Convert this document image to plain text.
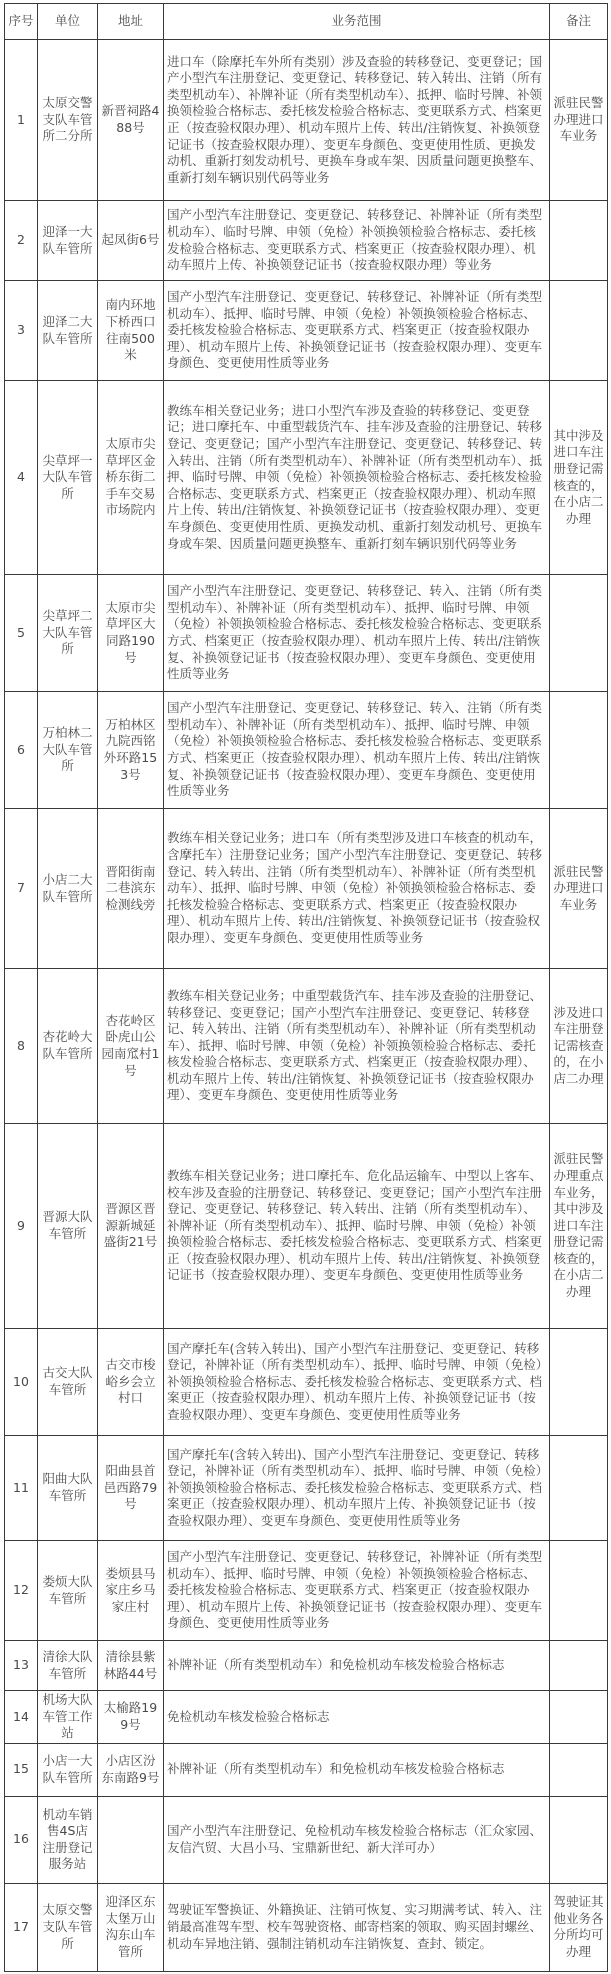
序号	单位	地址	业务范围	备注
1	太原交警支队车管所二分所	新晋祠路488号	进口车（除摩托车外所有类别）涉及查验的转移登记、变更登记；国产小型汽车注册登记、变更登记、转移登记、转入转出、注销（所有类型机动车）、补牌补证（所有类型机动车）、抵押、临时号牌、补领换领检验合格标志、委托核发检验合格标志、变更联系方式、档案更正（按查验权限办理）、机动车照片上传、转出/注销恢复、补换领登记证书（按查验权限办理）、变更车身颜色、变更使用性质、更换发动机、重新打刻发动机号、更换车身或车架、因质量问题更换整车、重新打刻车辆识别代码等业务	派驻民警办理进口车业务
2	迎泽一大队车管所	起凤街6号	国产小型汽车注册登记、变更登记、转移登记、补牌补证（所有类型机动车）、临时号牌、申领（免检）补领换领检验合格标志、委托核发检验合格标志、变更联系方式、档案更正（按查验权限办理）、机动车照片上传、补换领登记证书（按查验权限办理）等业务	
3	迎泽二大队车管所	南内环地下桥西口往南500米	国产小型汽车注册登记、变更登记、转移登记、补牌补证（所有类型机动车）、抵押、临时号牌、申领（免检）补领换领检验合格标志、委托核发检验合格标志、变更联系方式、档案更正（按查验权限办理）、机动车照片上传、补换领登记证书（按查验权限办理）、变更车身颜色、变更使用性质等业务	
4	尖草坪一大队车管所	太原市尖草坪区金桥东街二手车交易市场院内	教练车相关登记业务；进口小型汽车涉及查验的转移登记、变更登记；进口摩托车、中重型载货汽车、挂车涉及查验的注册登记、转移登记、变更登记；国产小型汽车注册登记、变更登记、转移登记、转入转出、注销（所有类型机动车）、补牌补证（所有类型机动车）、抵押、临时号牌、申领（免检）补领换领检验合格标志、委托核发检验合格标志、变更联系方式、档案更正（按查验权限办理）、机动车照片上传、转出/注销恢复、补换领登记证书（按查验权限办理）、变更车身颜色、变更使用性质、更换发动机、重新打刻发动机号、更换车身或车架、因质量问题更换整车、重新打刻车辆识别代码等业务	其中涉及进口车注册登记需核查的，在小店二办理
5	尖草坪二大队车管所	太原市尖草坪区大同路190号	国产小型汽车注册登记、变更登记、转移登记、转入、注销（所有类型机动车）、补牌补证（所有类型机动车）、抵押、临时号牌、申领（免检）补领换领检验合格标志、委托核发检验合格标志、变更联系方式、档案更正（按查验权限办理）、机动车照片上传、转出/注销恢复、补换领登记证书（按查验权限办理）、变更车身颜色、变更使用性质等业务	
6	万柏林二大队车管所	万柏林区九院西铭外环路153号	国产小型汽车注册登记、变更登记、转移登记、转入、注销（所有类型机动车）、补牌补证（所有类型机动车）、抵押、临时号牌、申领（免检）补领换领检验合格标志、委托核发检验合格标志、变更联系方式、档案更正（按查验权限办理）、机动车照片上传、转出/注销恢复、补换领登记证书（按查验权限办理）、变更车身颜色、变更使用性质等业务	
7	小店二大队车管所	晋阳街南二巷滨东检测线旁	教练车相关登记业务；进口车（所有类型涉及进口车核查的机动车，含摩托车）注册登记业务；国产小型汽车注册登记、变更登记、转移登记、转入转出、注销（所有类型机动车）、补牌补证（所有类型机动车）、抵押、临时号牌、申领（免检）补领换领检验合格标志、委托核发检验合格标志、变更联系方式、档案更正（按查验权限办理）、机动车照片上传、转出/注销恢复、补换领登记证书（按查验权限办理）、变更车身颜色、变更使用性质等业务	派驻民警办理进口车业务
8	杏花岭大队车管所	杏花岭区卧虎山公园南窊村1号	教练车相关登记业务；中重型载货汽车、挂车涉及查验的注册登记、转移登记、变更登记；国产小型汽车注册登记、变更登记、转移登记、转入转出、注销（所有类型机动车）、补牌补证（所有类型机动车）、抵押、临时号牌、申领（免检）补领换领检验合格标志、委托核发检验合格标志、变更联系方式、档案更正（按查验权限办理）、机动车照片上传、转出/注销恢复、补换领登记证书（按查验权限办理）、变更车身颜色、变更使用性质等业务	涉及进口车注册登记需核查的，在小店二办理
9	晋源大队车管所	晋源区晋源新城延盛街21号	教练车相关登记业务；进口摩托车、危化品运输车、中型以上客车、校车涉及查验的注册登记、转移登记、变更登记；国产小型汽车注册登记、变更登记、转移登记、转入转出、注销（所有类型机动车）、补牌补证（所有类型机动车）、抵押、临时号牌、申领（免检）补领换领检验合格标志、委托核发检验合格标志、变更联系方式、档案更正（按查验权限办理）、机动车照片上传、转出/注销恢复、补换领登记证书（按查验权限办理）、变更车身颜色、变更使用性质等业务	派驻民警办理重点车业务，其中涉及进口车注册登记需核查的，在小店二办理
10	古交大队车管所	古交市梭峪乡会立村口	国产摩托车(含转入转出)、国产小型汽车注册登记、变更登记、转移登记，补牌补证（所有类型机动车）、抵押、临时号牌、申领（免检）补领换领检验合格标志、委托核发检验合格标志、变更联系方式、档案更正（按查验权限办理）、机动车照片上传、补换领登记证书（按查验权限办理）、变更车身颜色、变更使用性质等业务	
11	阳曲大队车管所	阳曲县首邑西路79号	国产摩托车(含转入转出)、国产小型汽车注册登记、变更登记、转移登记，补牌补证（所有类型机动车）、抵押、临时号牌、申领（免检）补领换领检验合格标志、委托核发检验合格标志、变更联系方式、档案更正（按查验权限办理）、机动车照片上传、补换领登记证书（按查验权限办理）、变更车身颜色、变更使用性质等业务	
12	娄烦大队车管所	娄烦县马家庄乡马家庄村	国产小型汽车注册登记、变更登记、转移登记，补牌补证（所有类型机动车）、抵押、临时号牌、申领（免检）补领换领检验合格标志、委托核发检验合格标志、变更联系方式、档案更正（按查验权限办理）、机动车照片上传、补换领登记证书（按查验权限办理）、变更车身颜色、变更使用性质等业务	
13	清徐大队车管所	清徐县紫林路44号	补牌补证（所有类型机动车）和免检机动车核发检验合格标志	
14	机场大队车管工作站	太榆路199号	免检机动车核发检验合格标志	
15	小店一大队车管所	小店区汾东南路9号	补牌补证（所有类型机动车）和免检机动车核发检验合格标志	
16	机动车销售4S店注册登记服务站		国产小型汽车注册登记、免检机动车核发检验合格标志（汇众家园、友信汽贸、大昌小马、宝鼎新世纪、新大洋可办）	
17	太原交警支队车管所	迎泽区东太堡万山沟东山车管所	驾驶证军警换证、外籍换证、注销可恢复、实习期满考试、转入、注销最高准驾车型、校车驾驶资格、邮寄档案的领取、购买固封螺丝、机动车异地注销、强制注销机动车注销恢复、查封、锁定。	驾驶证其他业务各分所均可办理
